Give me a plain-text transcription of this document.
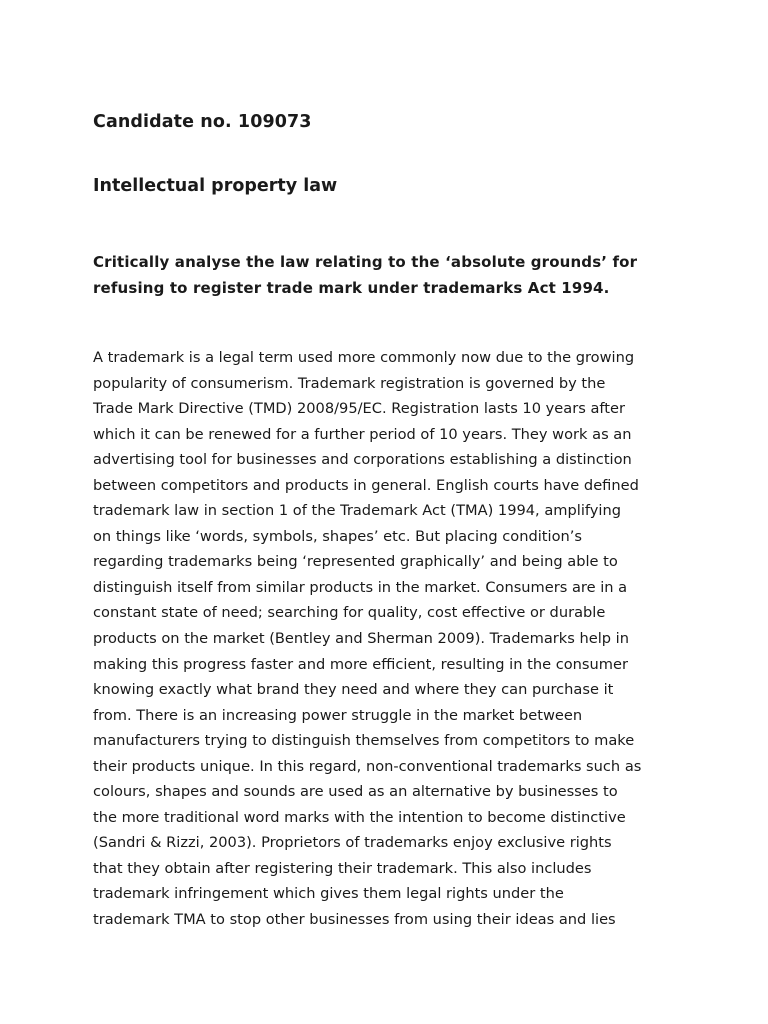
Candidate no. 109073
Intellectual property law
Critically analyse the law relating to the ‘absolute grounds’ for
refusing to register trade mark under trademarks Act 1994.
A trademark is a legal term used more commonly now due to the growing
popularity of consumerism. Trademark registration is governed by the
Trade Mark Directive (TMD) 2008/95/EC. Registration lasts 10 years after
which it can be renewed for a further period of 10 years. They work as an
advertising tool for businesses and corporations establishing a distinction
between competitors and products in general. English courts have defined
trademark law in section 1 of the Trademark Act (TMA) 1994, amplifying
on things like ‘words, symbols, shapes’ etc. But placing condition’s
regarding trademarks being ‘represented graphically’ and being able to
distinguish itself from similar products in the market. Consumers are in a
constant state of need; searching for quality, cost effective or durable
products on the market (Bentley and Sherman 2009). Trademarks help in
making this progress faster and more efficient, resulting in the consumer
knowing exactly what brand they need and where they can purchase it
from. There is an increasing power struggle in the market between
manufacturers trying to distinguish themselves from competitors to make
their products unique. In this regard, non-conventional trademarks such as
colours, shapes and sounds are used as an alternative by businesses to
the more traditional word marks with the intention to become distinctive
(Sandri & Rizzi, 2003). Proprietors of trademarks enjoy exclusive rights
that they obtain after registering their trademark. This also includes
trademark infringement which gives them legal rights under the
trademark TMA to stop other businesses from using their ideas and lies
